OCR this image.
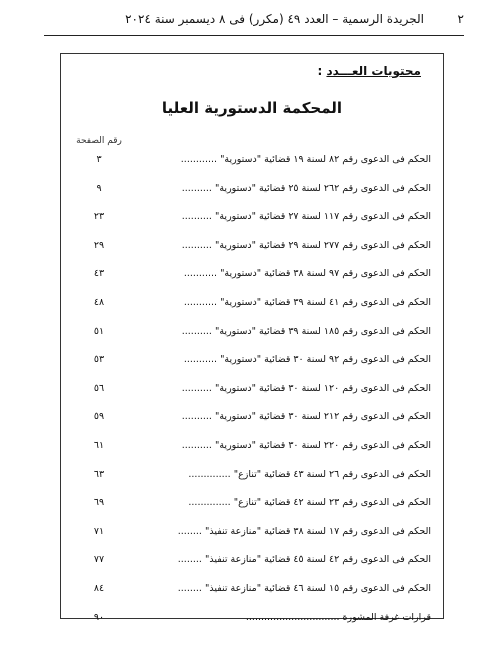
٢
الجريدة الرسمية – العدد ٤٩ (مكرر) فى ٨ ديسمبر سنة ٢٠٢٤
محتويات العـــدد :
المحكمة الدستورية العليا
رقم الصفحة
٣	الحكم فى الدعوى رقم ٨٢ لسنة ١٩ قضائية "دستورية" ............
٩	الحكم فى الدعوى رقم ٢٦٢ لسنة ٢٥ قضائية "دستورية" ..........
٢٣	الحكم فى الدعوى رقم ١١٧ لسنة ٢٧ قضائية "دستورية" ..........
٢٩	الحكم فى الدعوى رقم ٢٧٧ لسنة ٢٩ قضائية "دستورية" ..........
٤٣	الحكم فى الدعوى رقم ٩٧ لسنة ٣٨ قضائية "دستورية" ...........
٤٨	الحكم فى الدعوى رقم ٤١ لسنة ٣٩ قضائية "دستورية" ...........
٥١	الحكم فى الدعوى رقم ١٨٥ لسنة ٣٩ قضائية "دستورية" ..........
٥٣	الحكم فى الدعوى رقم ٩٢ لسنة ٣٠ قضائية "دستورية" ...........
٥٦	الحكم فى الدعوى رقم ١٢٠ لسنة ٣٠ قضائية "دستورية" ..........
٥٩	الحكم فى الدعوى رقم ٢١٢ لسنة ٣٠ قضائية "دستورية" ..........
٦١	الحكم فى الدعوى رقم ٢٢٠ لسنة ٣٠ قضائية "دستورية" ..........
٦٣	الحكم فى الدعوى رقم ٢٦ لسنة ٤٣ قضائية "تنازع" ..............
٦٩	الحكم فى الدعوى رقم ٢٣ لسنة ٤٢ قضائية "تنازع" ..............
٧١	الحكم فى الدعوى رقم ١٧ لسنة ٣٨ قضائية "منازعة تنفيذ" ........
٧٧	الحكم فى الدعوى رقم ٤٢ لسنة ٤٥ قضائية "منازعة تنفيذ" ........
٨٤	الحكم فى الدعوى رقم ١٥ لسنة ٤٦ قضائية "منازعة تنفيذ" ........
٩٠	قرارات غرفة المشورة ...............................
